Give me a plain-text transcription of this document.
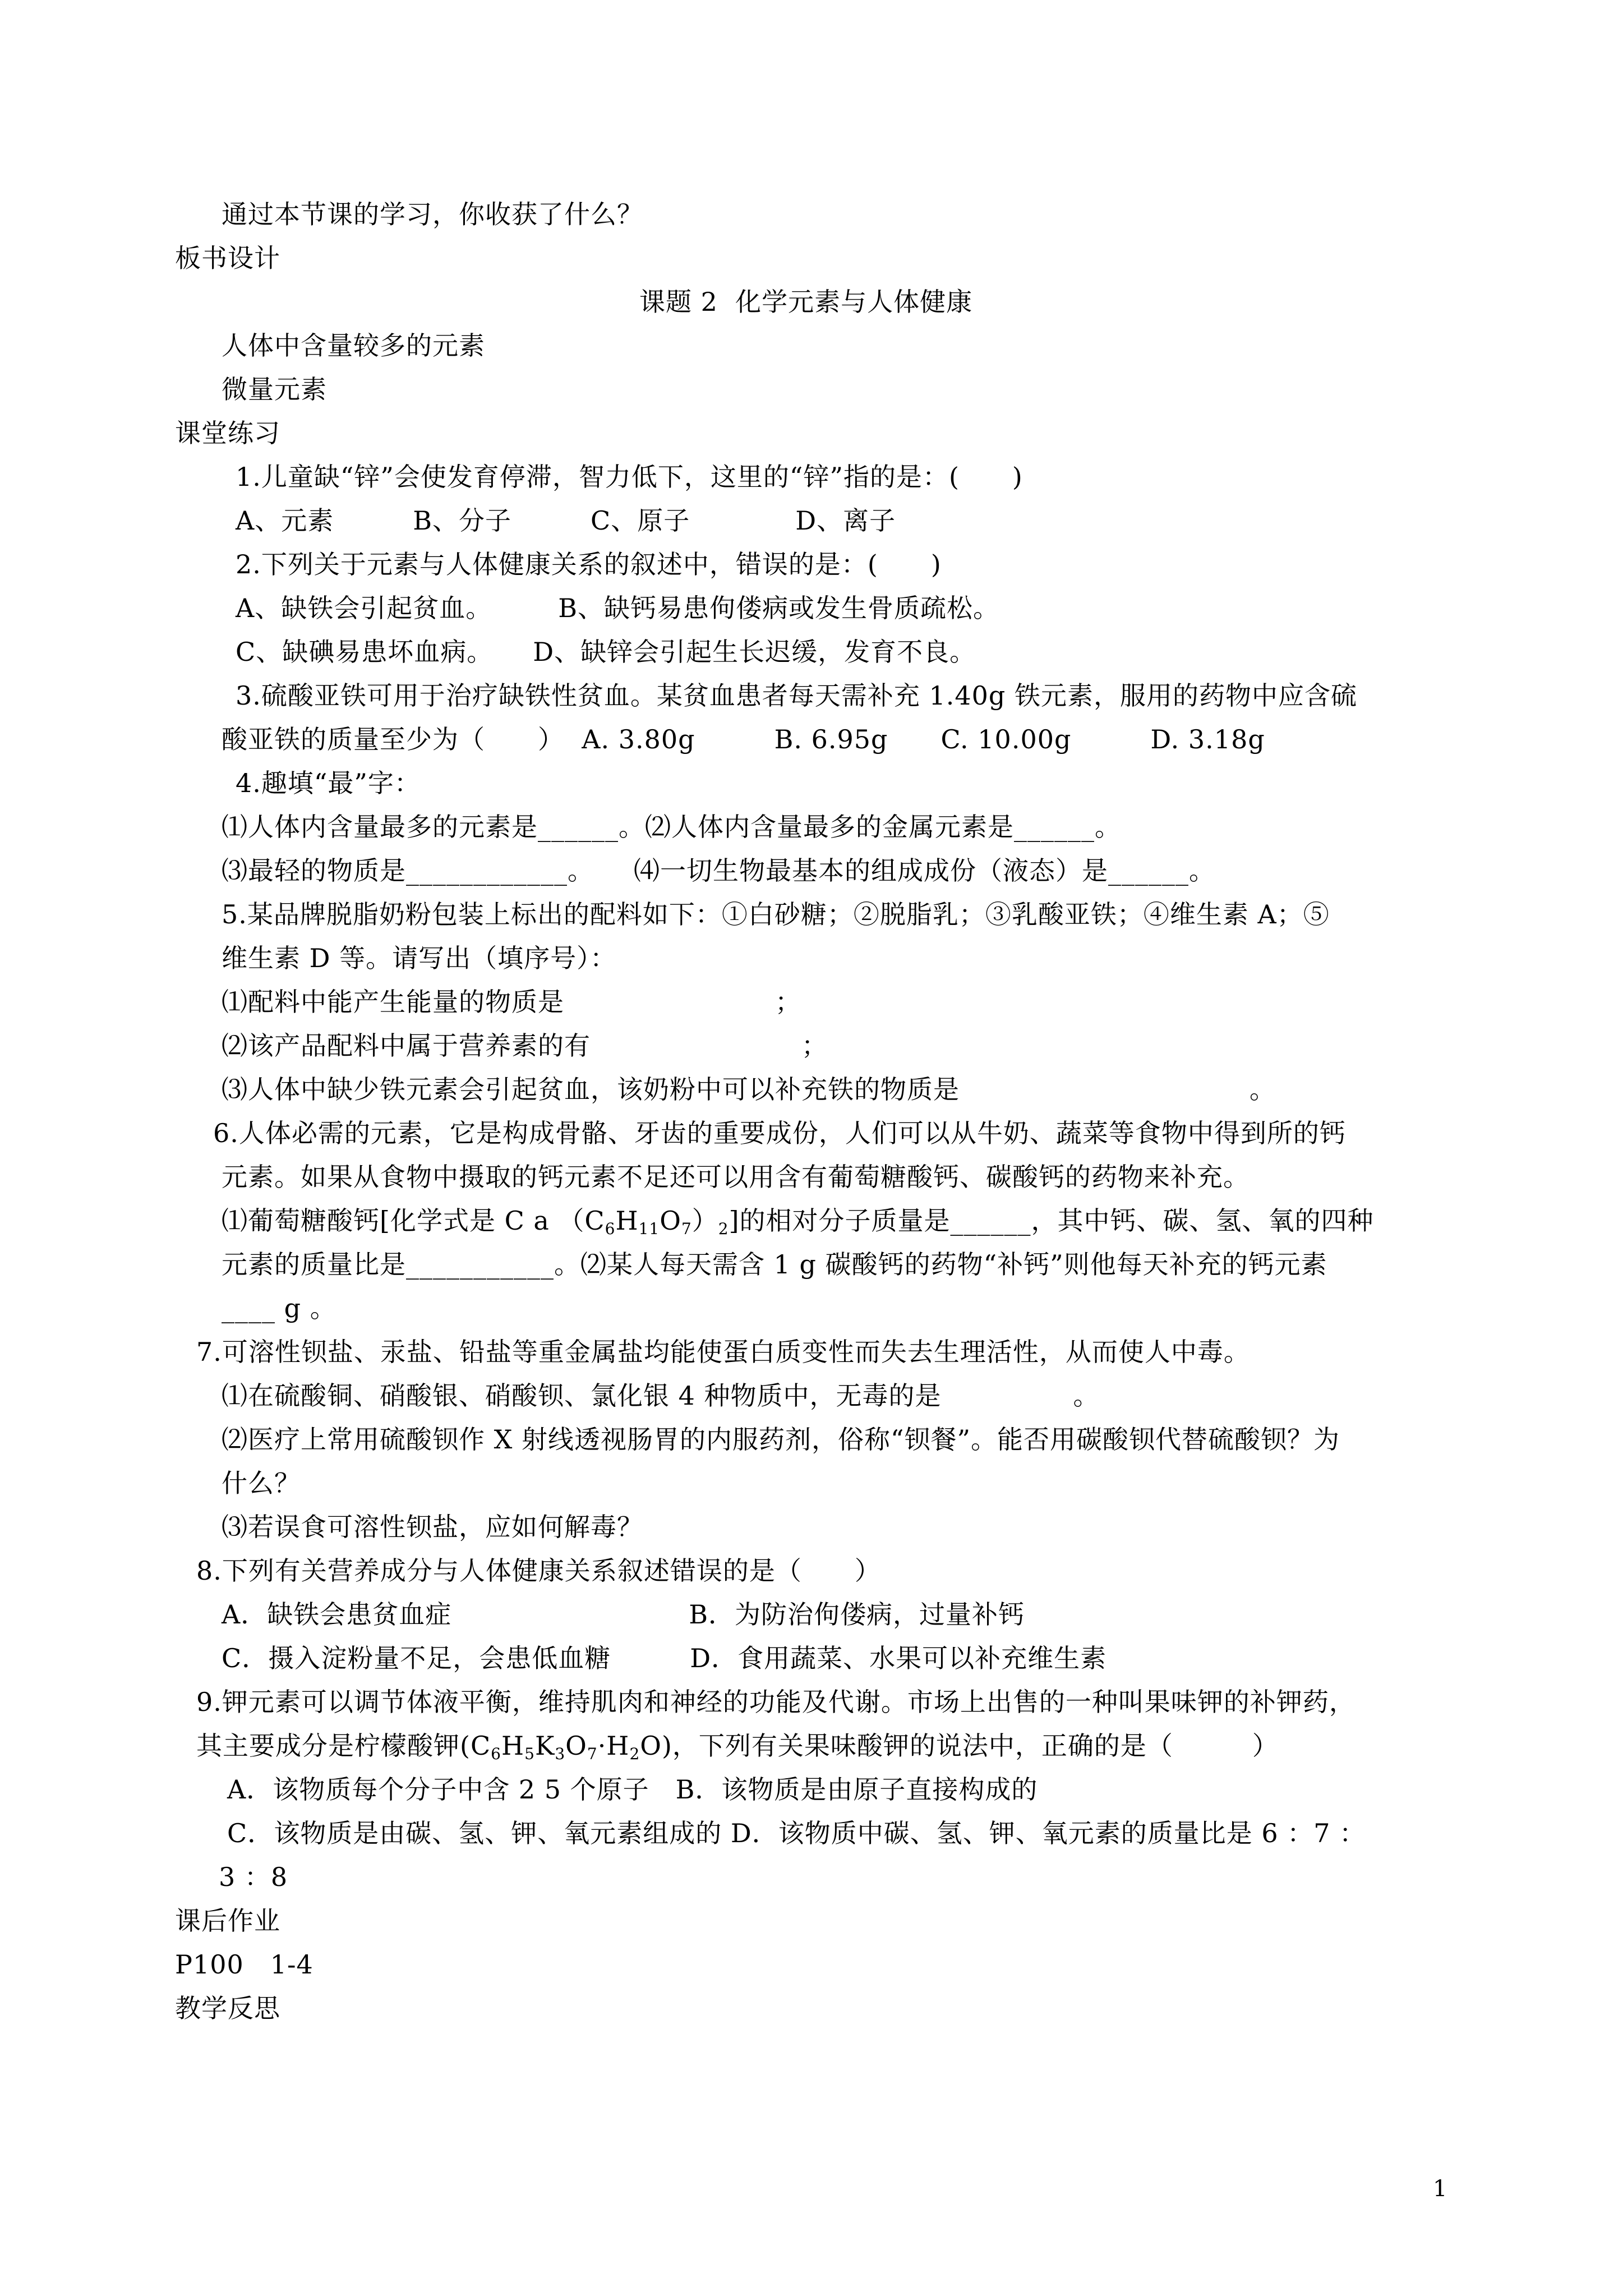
通过本节课的学习，你收获了什么？
板书设计
课题 2  化学元素与人体健康
人体中含量较多的元素
微量元素
课堂练习
1.儿童缺“锌”会使发育停滞，智力低下，这里的“锌”指的是：(　　)
A、元素　　　B、分子　　　C、原子　　　　D、离子
2.下列关于元素与人体健康关系的叙述中，错误的是：(　　)
A、缺铁会引起贫血。　　　B、缺钙易患佝偻病或发生骨质疏松。
C、缺碘易患坏血病。　　D、缺锌会引起生长迟缓，发育不良。
3.硫酸亚铁可用于治疗缺铁性贫血。某贫血患者每天需补充 1.40g 铁元素，服用的药物中应含硫
酸亚铁的质量至少为（　　）  A. 3.80g　　　B. 6.95g　　C. 10.00g　　　D. 3.18g
4.趣填“最”字：
⑴人体内含量最多的元素是______。⑵人体内含量最多的金属元素是______。
⑶最轻的物质是____________。　　⑷一切生物最基本的组成成份（液态）是______。
5.某品牌脱脂奶粉包装上标出的配料如下：①白砂糖；②脱脂乳；③乳酸亚铁；④维生素 A；⑤
维生素 D 等。请写出（填序号）：
⑴配料中能产生能量的物质是　　　　　　　　；
⑵该产品配料中属于营养素的有　　　　　　　　；
⑶人体中缺少铁元素会引起贫血，该奶粉中可以补充铁的物质是　　　　　　　　　　　。
6.人体必需的元素，它是构成骨骼、牙齿的重要成份，人们可以从牛奶、蔬菜等食物中得到所的钙
元素。如果从食物中摄取的钙元素不足还可以用含有葡萄糖酸钙、碳酸钙的药物来补充。
⑴葡萄糖酸钙[化学式是 C a $(C_6H_{11}O_7)_2$]的相对分子质量是______，其中钙、碳、氢、氧的四种
元素的质量比是___________。⑵某人每天需含 1 g 碳酸钙的药物“补钙”则他每天补充的钙元素
____ g 。
7.可溶性钡盐、汞盐、铅盐等重金属盐均能使蛋白质变性而失去生理活性，从而使人中毒。
⑴在硫酸铜、硝酸银、硝酸钡、氯化银 4 种物质中，无毒的是　　　　　。
⑵医疗上常用硫酸钡作 X 射线透视肠胃的内服药剂，俗称“钡餐”。能否用碳酸钡代替硫酸钡？为
什么？
⑶若误食可溶性钡盐，应如何解毒？
8.下列有关营养成分与人体健康关系叙述错误的是（　　）
A．缺铁会患贫血症　　　　　　　　　B．为防治佝偻病，过量补钙
C．摄入淀粉量不足，会患低血糖　　　D．食用蔬菜、水果可以补充维生素
9.钾元素可以调节体液平衡，维持肌肉和神经的功能及代谢。市场上出售的一种叫果味钾的补钾药，
其主要成分是柠檬酸钾$(C_6H_5K_3O_7\cdot H_2O)$，下列有关果味酸钾的说法中，正确的是（　　　）
A．该物质每个分子中含 2 5 个原子　B．该物质是由原子直接构成的
C．该物质是由碳、氢、钾、氧元素组成的 D．该物质中碳、氢、钾、氧元素的质量比是 6 ：7 ：
3 ：8
课后作业
P100　1-4
教学反思
1
